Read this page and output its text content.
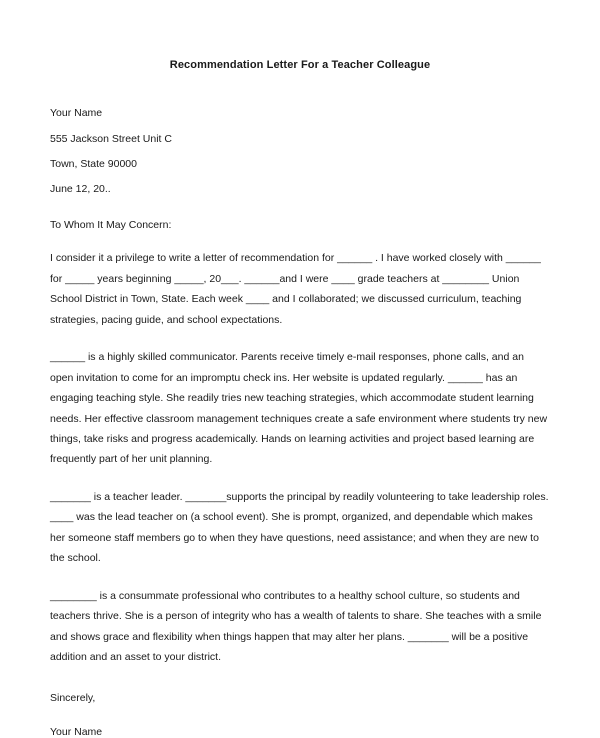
Recommendation Letter For a Teacher Colleague
Your Name
555 Jackson Street Unit C
Town, State 90000
June 12, 20..

To Whom It May Concern:

I consider it a privilege to write a letter of recommendation for ______ . I have worked closely with ______ for _____ years beginning _____, 20___. ______and I were ____ grade teachers at ________ Union School District in Town, State. Each week ____ and I collaborated; we discussed curriculum, teaching strategies, pacing guide, and school expectations.

______ is a highly skilled communicator. Parents receive timely e-mail responses, phone calls, and an open invitation to come for an impromptu check ins. Her website is updated regularly. ______ has an engaging teaching style. She readily tries new teaching strategies, which accommodate student learning needs. Her effective classroom management techniques create a safe environment where students try new things, take risks and progress academically. Hands on learning activities and project based learning are frequently part of her unit planning.

_______ is a teacher leader. _______supports the principal by readily volunteering to take leadership roles. ____ was the lead teacher on (a school event). She is prompt, organized, and dependable which makes her someone staff members go to when they have questions, need assistance; and when they are new to the school.

________ is a consummate professional who contributes to a healthy school culture, so students and teachers thrive. She is a person of integrity who has a wealth of talents to share. She teaches with a smile and shows grace and flexibility when things happen that may alter her plans. _______ will be a positive addition and an asset to your district.

Sincerely,

Your Name
